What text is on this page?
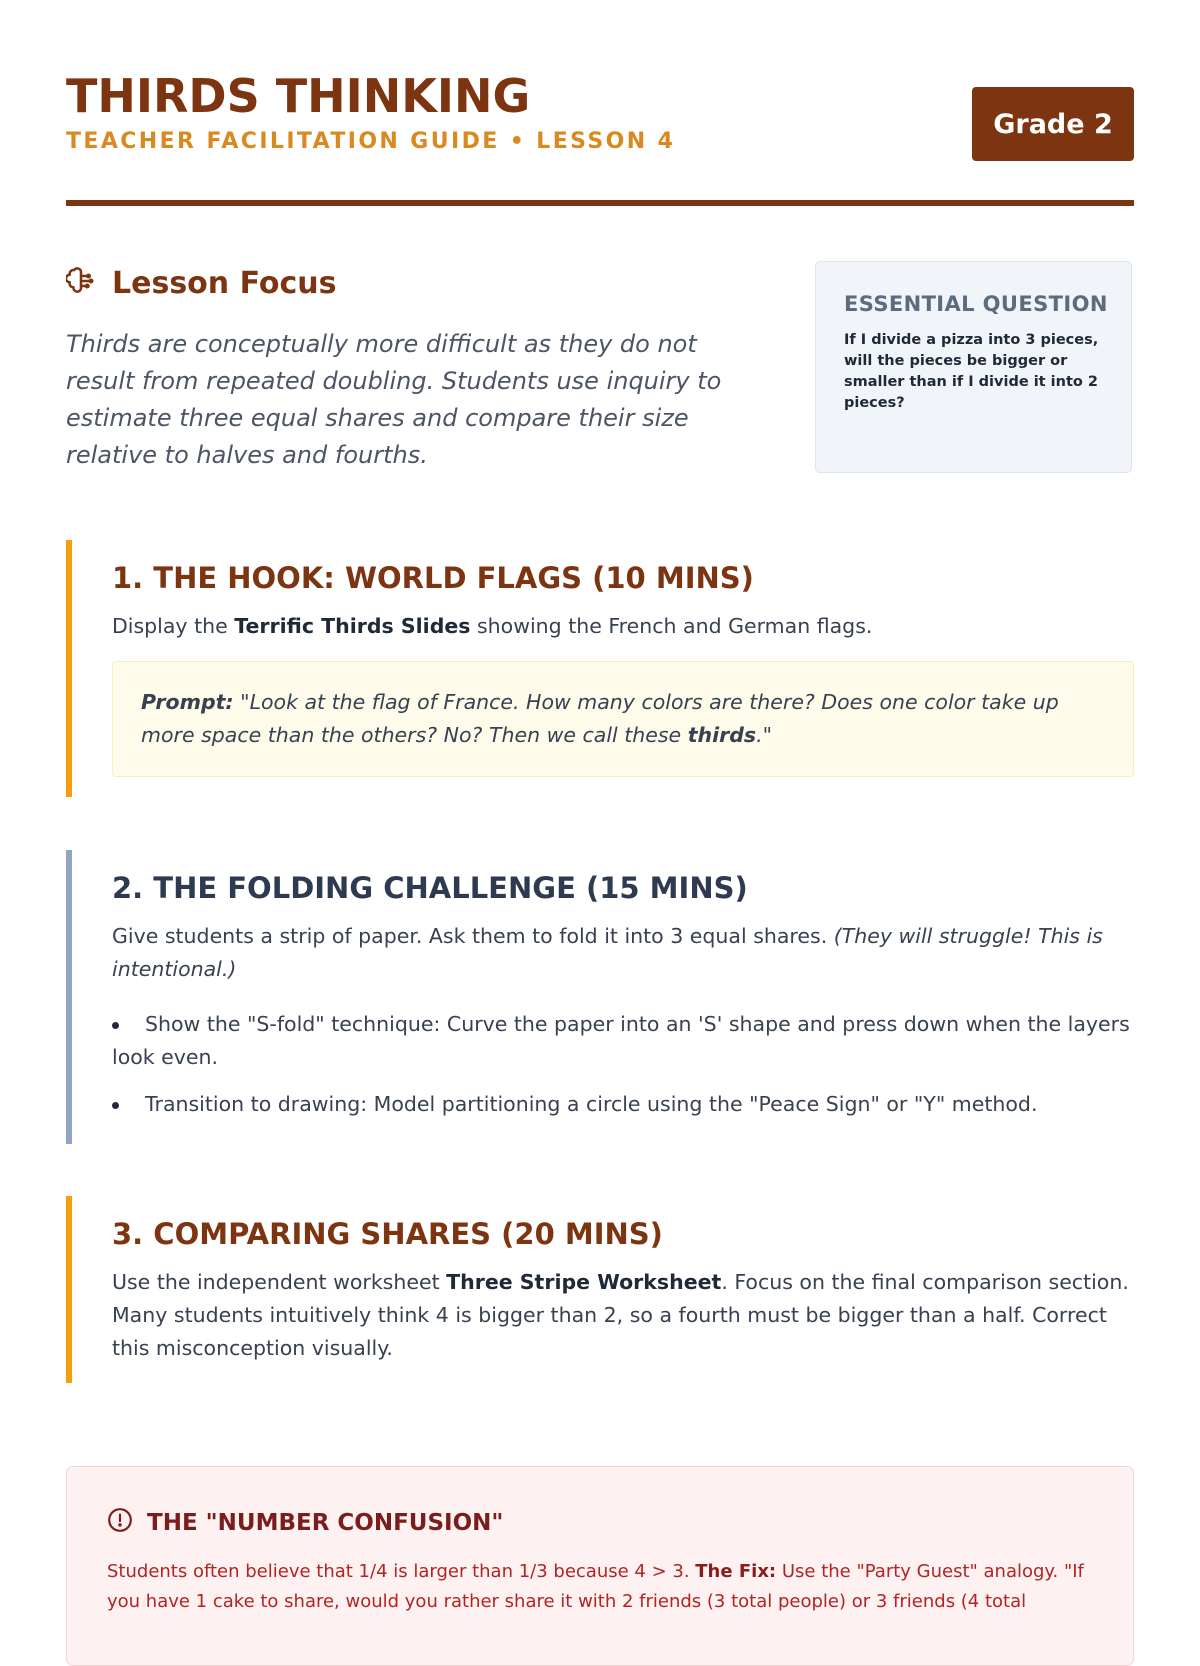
THIRDS THINKING
TEACHER FACILITATION GUIDE • LESSON 4
Grade 2
Lesson Focus
Thirds are conceptually more difficult as they do not result from repeated doubling. Students use inquiry to estimate three equal shares and compare their size relative to halves and fourths.
ESSENTIAL QUESTION
If I divide a pizza into 3 pieces, will the pieces be bigger or smaller than if I divide it into 2 pieces?
1. THE HOOK: WORLD FLAGS (10 MINS)
Display the Terrific Thirds Slides showing the French and German flags.
Prompt: "Look at the flag of France. How many colors are there? Does one color take up more space than the others? No? Then we call these thirds."
2. THE FOLDING CHALLENGE (15 MINS)
Give students a strip of paper. Ask them to fold it into 3 equal shares. (They will struggle! This is intentional.)
Show the "S-fold" technique: Curve the paper into an 'S' shape and press down when the layers look even.
Transition to drawing: Model partitioning a circle using the "Peace Sign" or "Y" method.
3. COMPARING SHARES (20 MINS)
Use the independent worksheet Three Stripe Worksheet. Focus on the final comparison section. Many students intuitively think 4 is bigger than 2, so a fourth must be bigger than a half. Correct this misconception visually.
THE "NUMBER CONFUSION"
Students often believe that 1/4 is larger than 1/3 because 4 > 3. The Fix: Use the "Party Guest" analogy. "If you have 1 cake to share, would you rather share it with 2 friends (3 total people) or 3 friends (4 total
